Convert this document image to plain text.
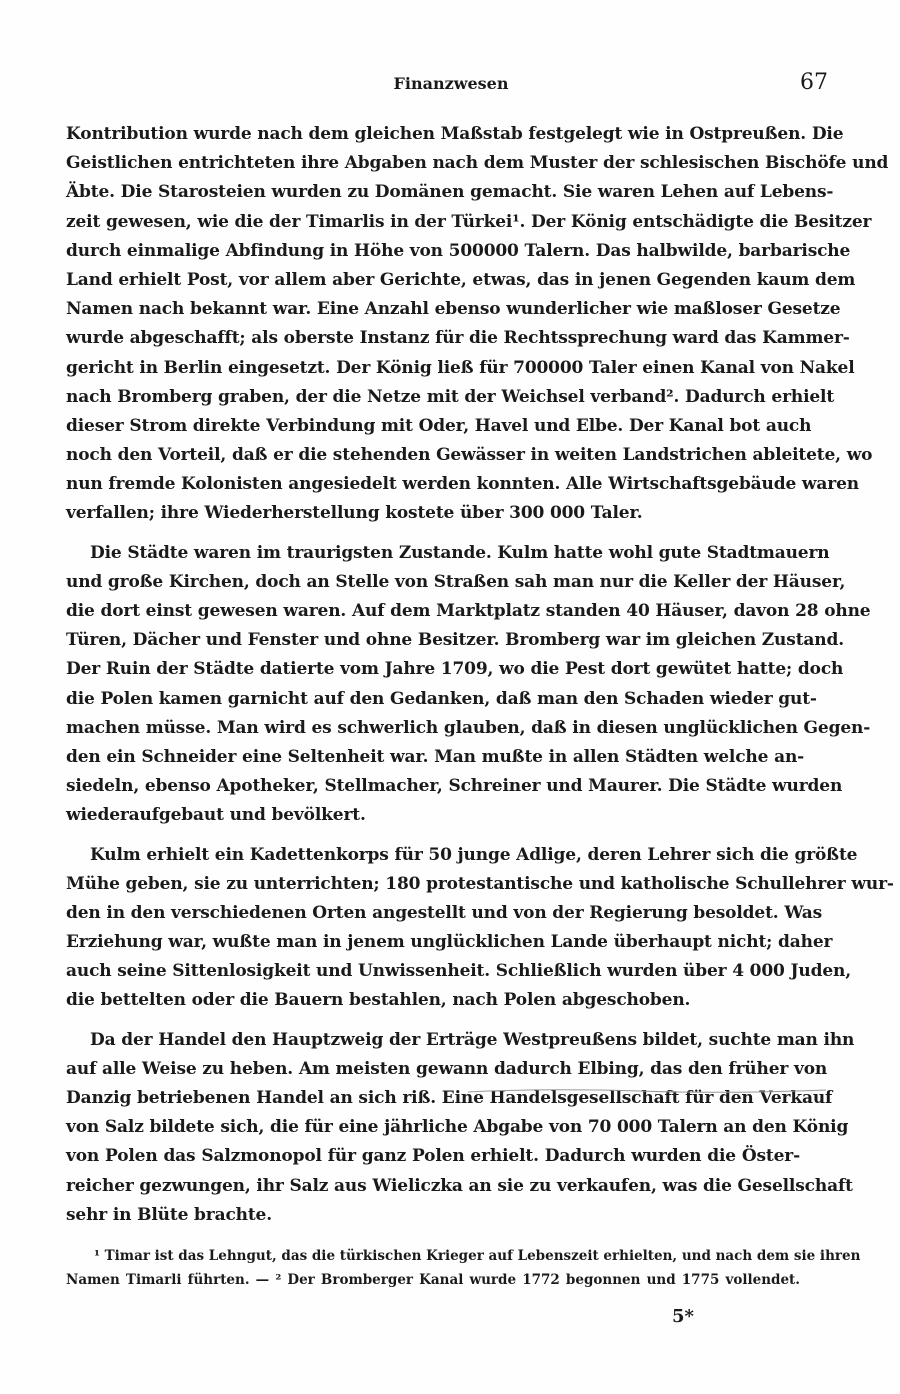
Finanzwesen	67
Kontribution wurde nach dem gleichen Maßstab festgelegt wie in Ostpreußen. Die
Geistlichen entrichteten ihre Abgaben nach dem Muster der schlesischen Bischöfe und
Äbte. Die Starosteien wurden zu Domänen gemacht. Sie waren Lehen auf Lebens-
zeit gewesen, wie die der Timarlis in der Türkei¹. Der König entschädigte die Besitzer
durch einmalige Abfindung in Höhe von 500000 Talern. Das halbwilde, barbarische
Land erhielt Post, vor allem aber Gerichte, etwas, das in jenen Gegenden kaum dem
Namen nach bekannt war. Eine Anzahl ebenso wunderlicher wie maßloser Gesetze
wurde abgeschafft; als oberste Instanz für die Rechtssprechung ward das Kammer-
gericht in Berlin eingesetzt. Der König ließ für 700000 Taler einen Kanal von Nakel
nach Bromberg graben, der die Netze mit der Weichsel verband². Dadurch erhielt
dieser Strom direkte Verbindung mit Oder, Havel und Elbe. Der Kanal bot auch
noch den Vorteil, daß er die stehenden Gewässer in weiten Landstrichen ableitete, wo
nun fremde Kolonisten angesiedelt werden konnten. Alle Wirtschaftsgebäude waren
verfallen; ihre Wiederherstellung kostete über 300 000 Taler.
Die Städte waren im traurigsten Zustande. Kulm hatte wohl gute Stadtmauern
und große Kirchen, doch an Stelle von Straßen sah man nur die Keller der Häuser,
die dort einst gewesen waren. Auf dem Marktplatz standen 40 Häuser, davon 28 ohne
Türen, Dächer und Fenster und ohne Besitzer. Bromberg war im gleichen Zustand.
Der Ruin der Städte datierte vom Jahre 1709, wo die Pest dort gewütet hatte; doch
die Polen kamen garnicht auf den Gedanken, daß man den Schaden wieder gut-
machen müsse. Man wird es schwerlich glauben, daß in diesen unglücklichen Gegen-
den ein Schneider eine Seltenheit war. Man mußte in allen Städten welche an-
siedeln, ebenso Apotheker, Stellmacher, Schreiner und Maurer. Die Städte wurden
wiederaufgebaut und bevölkert.
Kulm erhielt ein Kadettenkorps für 50 junge Adlige, deren Lehrer sich die größte
Mühe geben, sie zu unterrichten; 180 protestantische und katholische Schullehrer wur-
den in den verschiedenen Orten angestellt und von der Regierung besoldet. Was
Erziehung war, wußte man in jenem unglücklichen Lande überhaupt nicht; daher
auch seine Sittenlosigkeit und Unwissenheit. Schließlich wurden über 4 000 Juden,
die bettelten oder die Bauern bestahlen, nach Polen abgeschoben.
Da der Handel den Hauptzweig der Erträge Westpreußens bildet, suchte man ihn
auf alle Weise zu heben. Am meisten gewann dadurch Elbing, das den früher von
Danzig betriebenen Handel an sich riß. Eine Handelsgesellschaft für den Verkauf
von Salz bildete sich, die für eine jährliche Abgabe von 70 000 Talern an den König
von Polen das Salzmonopol für ganz Polen erhielt. Dadurch wurden die Öster-
reicher gezwungen, ihr Salz aus Wieliczka an sie zu verkaufen, was die Gesellschaft
sehr in Blüte brachte.
¹ Timar ist das Lehngut, das die türkischen Krieger auf Lebenszeit erhielten, und nach dem sie ihren
Namen Timarli führten. — ² Der Bromberger Kanal wurde 1772 begonnen und 1775 vollendet.
5*
